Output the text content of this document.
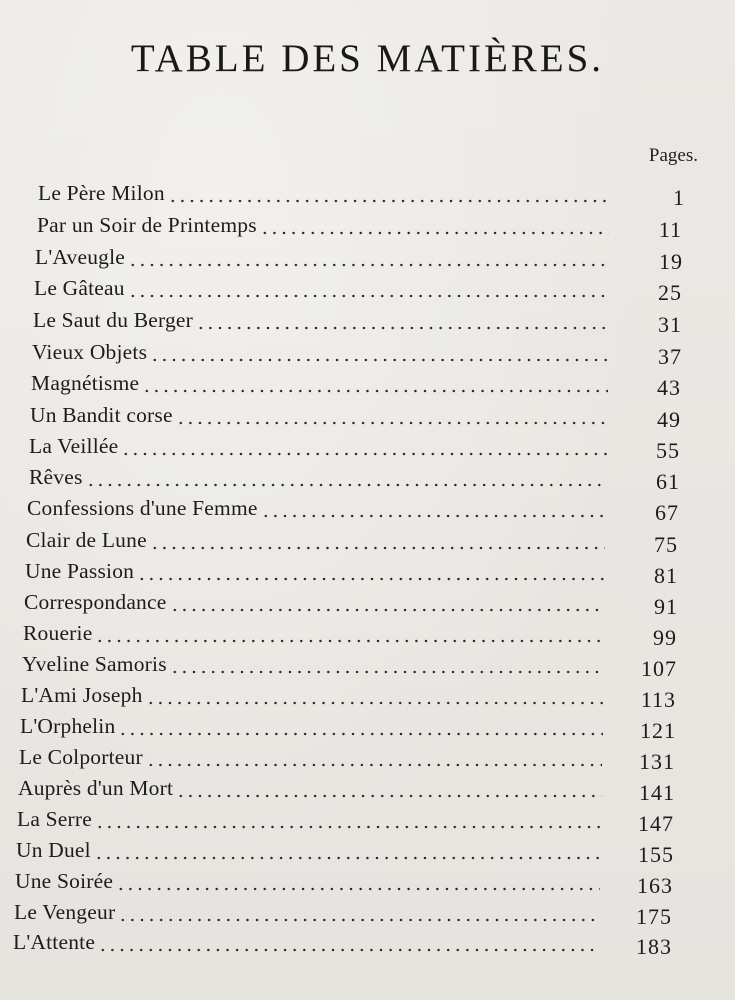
TABLE DES MATIÈRES.
Pages.
Le Père Milon	1
Par un Soir de Printemps	11
L'Aveugle	19
Le Gâteau	25
Le Saut du Berger	31
Vieux Objets	37
Magnétisme	43
Un Bandit corse	49
La Veillée	55
Rêves	61
Confessions d'une Femme	67
Clair de Lune	75
Une Passion	81
Correspondance	91
Rouerie	99
Yveline Samoris	107
L'Ami Joseph	113
L'Orphelin	121
Le Colporteur	131
Auprès d'un Mort	141
La Serre	147
Un Duel	155
Une Soirée	163
Le Vengeur	175
L'Attente	183
